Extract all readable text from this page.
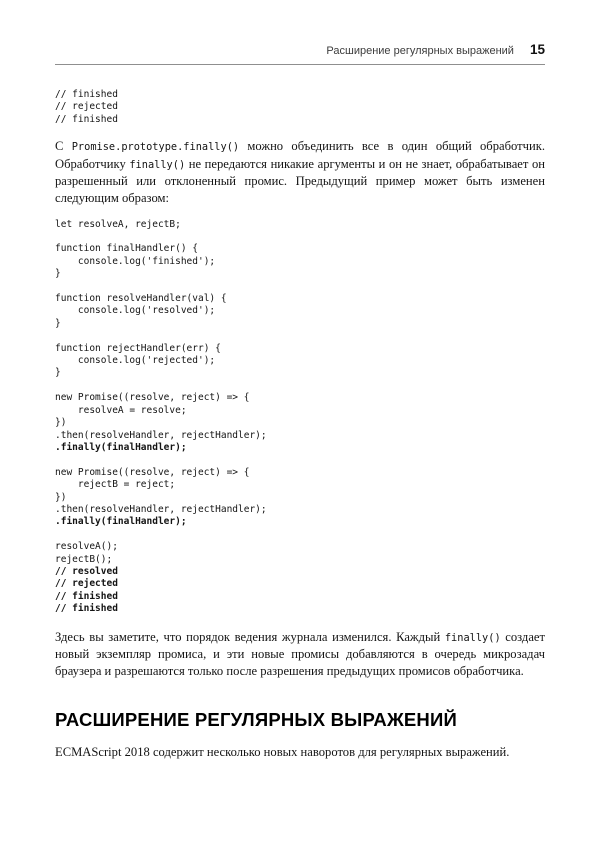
Расширение регулярных выражений 15
// finished
// rejected
// finished

С Promise.prototype.finally() можно объединить все в один общий обработчик. Обработчику finally() не передаются никакие аргументы и он не знает, обрабатывает он разрешенный или отклоненный промис. Предыдущий пример может быть изменен следующим образом:

let resolveA, rejectB;

function finalHandler() {
console.log('finished');
}

function resolveHandler(val) {
console.log('resolved');
}

function rejectHandler(err) {
console.log('rejected');
}

new Promise((resolve, reject) => {
resolveA = resolve;
})
.then(resolveHandler, rejectHandler);
.finally(finalHandler);

new Promise((resolve, reject) => {
rejectB = reject;
})
.then(resolveHandler, rejectHandler);
.finally(finalHandler);

resolveA();
rejectB();
// resolved
// rejected
// finished
// finished

Здесь вы заметите, что порядок ведения журнала изменился. Каждый finally() создает новый экземпляр промиса, и эти новые промисы добавляются в очередь микрозадач браузера и разрешаются только после разрешения предыдущих промисов обработчика.

РАСШИРЕНИЕ РЕГУЛЯРНЫХ ВЫРАЖЕНИЙ

ECMAScript 2018 содержит несколько новых наворотов для регулярных выражений.
